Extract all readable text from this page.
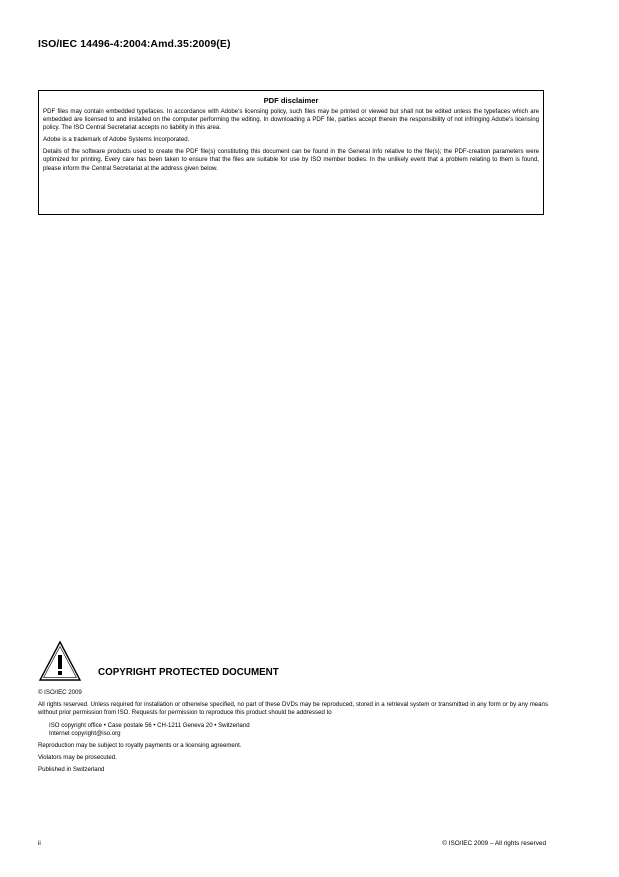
ISO/IEC 14496-4:2004:Amd.35:2009(E)
PDF disclaimer

PDF files may contain embedded typefaces. In accordance with Adobe's licensing policy, such files may be printed or viewed but shall not be edited unless the typefaces which are embedded are licensed to and installed on the computer performing the editing. In downloading a PDF file, parties accept therein the responsibility of not infringing Adobe's licensing policy. The ISO Central Secretariat accepts no liability in this area.

Adobe is a trademark of Adobe Systems Incorporated.

Details of the software products used to create the PDF file(s) constituting this document can be found in the General Info relative to the file(s); the PDF-creation parameters were optimized for printing. Every care has been taken to ensure that the files are suitable for use by ISO member bodies. In the unlikely event that a problem relating to them is found, please inform the Central Secretariat at the address given below.

COPYRIGHT PROTECTED DOCUMENT

© ISO/IEC 2009

All rights reserved. Unless required for installation or otherwise specified, no part of these DVDs may be reproduced, stored in a retrieval system or transmitted in any form or by any means without prior permission from ISO. Requests for permission to reproduce this product should be addressed to

ISO copyright office • Case postale 56 • CH-1211 Geneva 20 • Switzerland

Internet copyright@iso.org

Reproduction may be subject to royalty payments or a licensing agreement.

Violators may be prosecuted.

Published in Switzerland

ii	© ISO/IEC 2009 – All rights reserved
